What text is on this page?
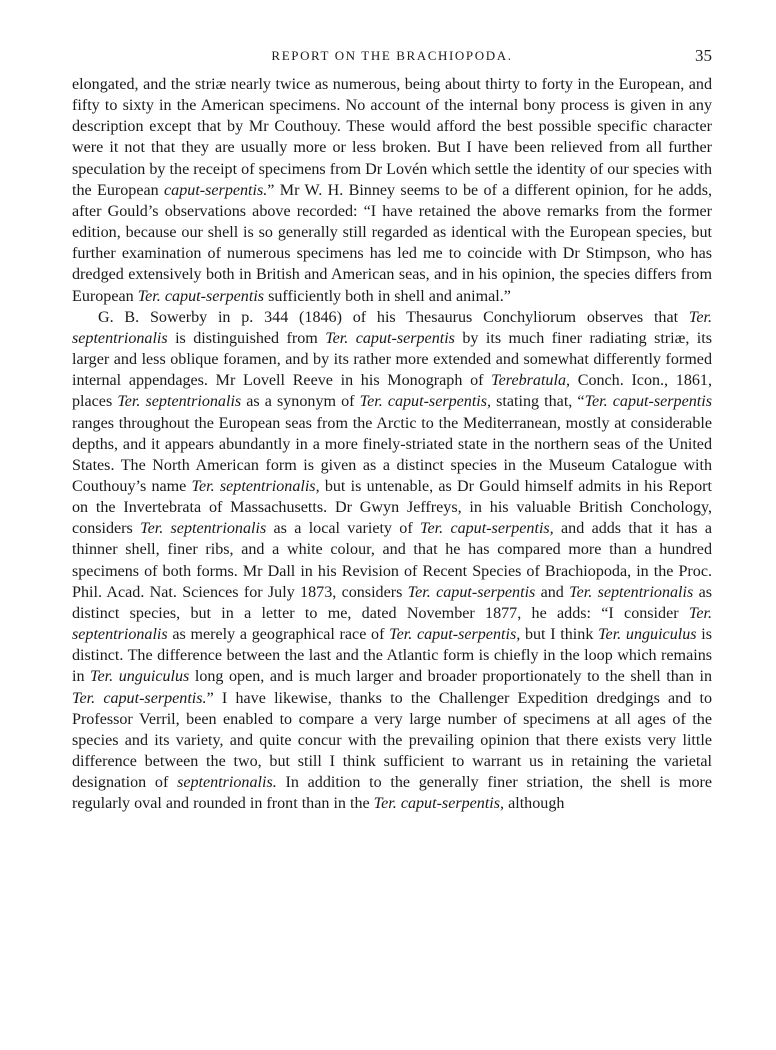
REPORT ON THE BRACHIOPODA.	35

elongated, and the striæ nearly twice as numerous, being about thirty to forty in the European, and fifty to sixty in the American specimens. No account of the internal bony process is given in any description except that by Mr Couthouy. These would afford the best possible specific character were it not that they are usually more or less broken. But I have been relieved from all further speculation by the receipt of specimens from Dr Lovén which settle the identity of our species with the European caput-serpentis.” Mr W. H. Binney seems to be of a different opinion, for he adds, after Gould’s observations above recorded: “I have retained the above remarks from the former edition, because our shell is so generally still regarded as identical with the European species, but further examination of numerous specimens has led me to coincide with Dr Stimpson, who has dredged extensively both in British and American seas, and in his opinion, the species differs from European Ter. caput-serpentis sufficiently both in shell and animal.”

G. B. Sowerby in p. 344 (1846) of his Thesaurus Conchyliorum observes that Ter. septentrionalis is distinguished from Ter. caput-serpentis by its much finer radiating striæ, its larger and less oblique foramen, and by its rather more extended and somewhat differently formed internal appendages. Mr Lovell Reeve in his Monograph of Terebratula, Conch. Icon., 1861, places Ter. septentrionalis as a synonym of Ter. caput-serpentis, stating that, “Ter. caput-serpentis ranges throughout the European seas from the Arctic to the Mediterranean, mostly at considerable depths, and it appears abundantly in a more finely-striated state in the northern seas of the United States. The North American form is given as a distinct species in the Museum Catalogue with Couthouy’s name Ter. septentrionalis, but is untenable, as Dr Gould himself admits in his Report on the Invertebrata of Massachusetts. Dr Gwyn Jeffreys, in his valuable British Conchology, considers Ter. septentrionalis as a local variety of Ter. caput-serpentis, and adds that it has a thinner shell, finer ribs, and a white colour, and that he has compared more than a hundred specimens of both forms. Mr Dall in his Revision of Recent Species of Brachiopoda, in the Proc. Phil. Acad. Nat. Sciences for July 1873, considers Ter. caput-serpentis and Ter. septentrionalis as distinct species, but in a letter to me, dated November 1877, he adds: “I consider Ter. septentrionalis as merely a geographical race of Ter. caput-serpentis, but I think Ter. unguiculus is distinct. The difference between the last and the Atlantic form is chiefly in the loop which remains in Ter. unguiculus long open, and is much larger and broader proportionately to the shell than in Ter. caput-serpentis.” I have likewise, thanks to the Challenger Expedition dredgings and to Professor Verril, been enabled to compare a very large number of specimens at all ages of the species and its variety, and quite concur with the prevailing opinion that there exists very little difference between the two, but still I think sufficient to warrant us in retaining the varietal designation of septentrionalis. In addition to the generally finer striation, the shell is more regularly oval and rounded in front than in the Ter. caput-serpentis, although
